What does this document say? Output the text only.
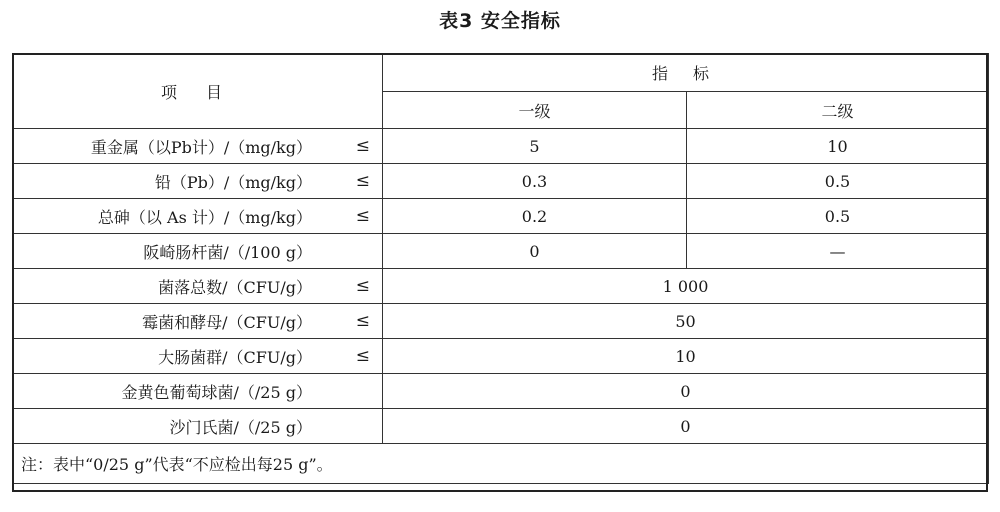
表3 安全指标
项 目	指 标	
	一级	二级
重金属（以Pb计）/（mg/kg） ≤	5	10
铅（Pb）/（mg/kg） ≤	0.3	0.5
总砷（以 As 计）/（mg/kg） ≤	0.2	0.5
阪崎肠杆菌/（/100 g）	0	—
菌落总数/（CFU/g） ≤	1 000	
霉菌和酵母/（CFU/g） ≤	50	
大肠菌群/（CFU/g） ≤	10	
金黄色葡萄球菌/（/25 g）	0	
沙门氏菌/（/25 g）	0	
注：表中“0/25 g”代表“不应检出每25 g”。		
